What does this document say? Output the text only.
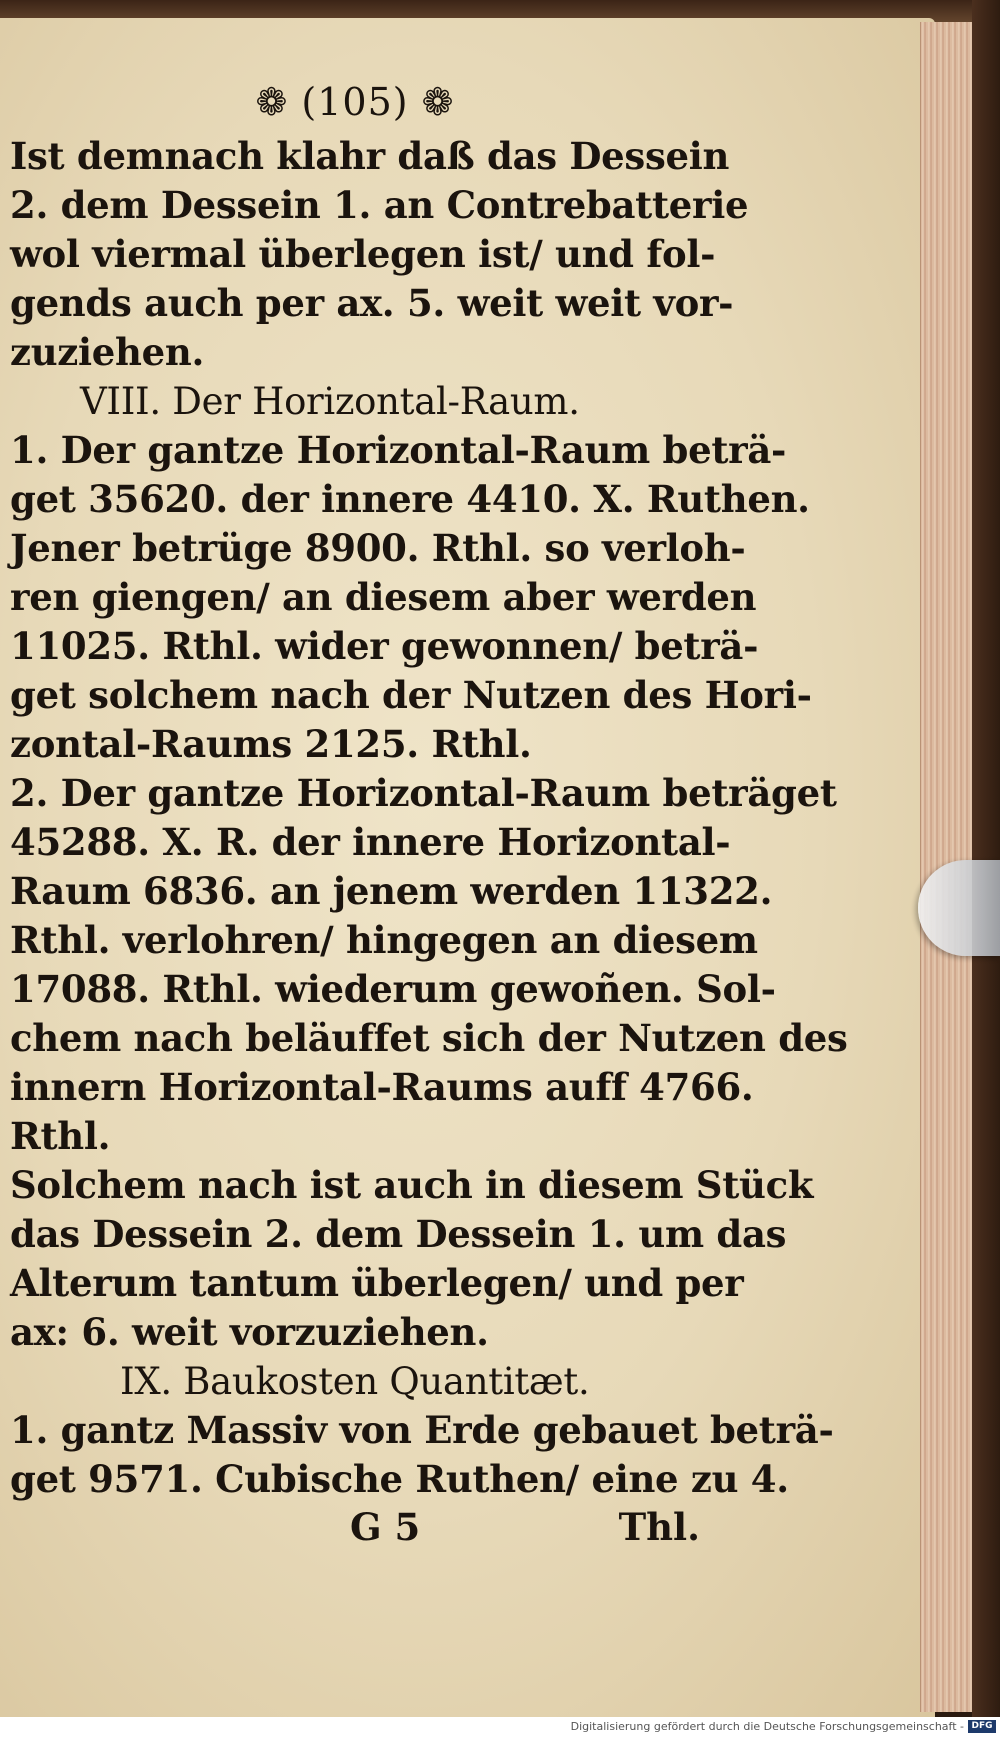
❁ (105) ❁
Ist demnach klahr daß das Dessein
2. dem Dessein 1. an Contrebatterie
wol viermal überlegen ist/ und fol-
gends auch per ax. 5. weit weit vor-
zuziehen.
VIII. Der Horizontal-Raum.
1. Der gantze Horizontal-Raum beträ-
get 35620. der innere 4410. X. Ruthen.
Jener betrüge 8900. Rthl. so verloh-
ren giengen/ an diesem aber werden
11025. Rthl. wider gewonnen/ beträ-
get solchem nach der Nutzen des Hori-
zontal-Raums 2125. Rthl.
2. Der gantze Horizontal-Raum beträget
45288. X. R. der innere Horizontal-
Raum 6836. an jenem werden 11322.
Rthl. verlohren/ hingegen an diesem
17088. Rthl. wiederum gewoñen. Sol-
chem nach beläuffet sich der Nutzen des
innern Horizontal-Raums auff 4766.
Rthl.
Solchem nach ist auch in diesem Stück
das Dessein 2. dem Dessein 1. um das
Alterum tantum überlegen/ und per
ax: 6. weit vorzuziehen.
IX. Baukosten Quantitæt.
1. gantz Massiv von Erde gebauet beträ-
get 9571. Cubische Ruthen/ eine zu 4.
G 5	Thl.
Digitalisierung gefördert durch die Deutsche Forschungsgemeinschaft - DFG
